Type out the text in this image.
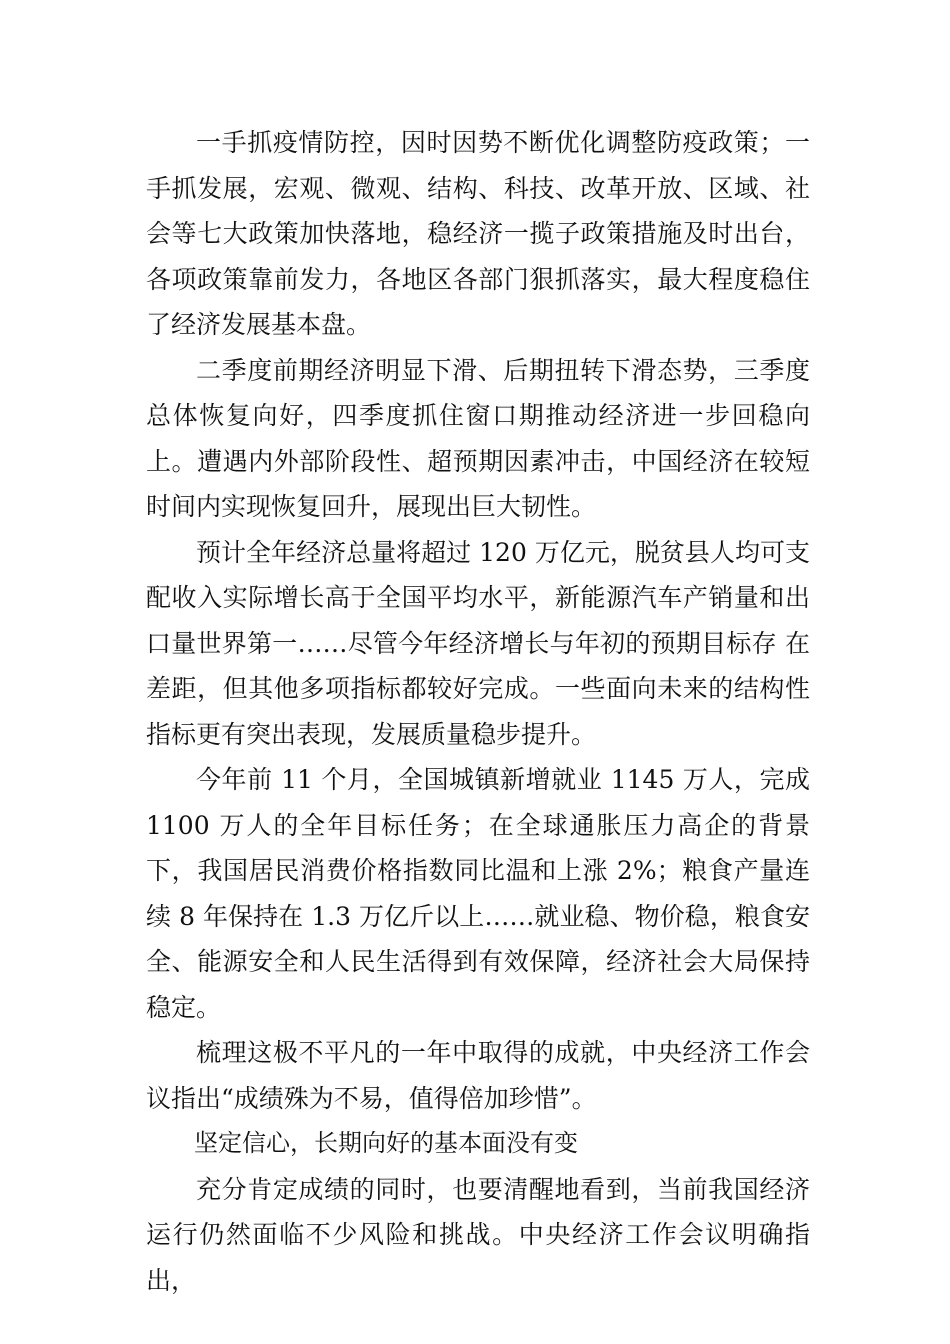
一手抓疫情防控，因时因势不断优化调整防疫政策；一手抓发展，宏观、微观、结构、科技、改革开放、区域、社会等七大政策加快落地，稳经济一揽子政策措施及时出台， 各项政策靠前发力，各地区各部门狠抓落实，最大程度稳住了经济发展基本盘。

二季度前期经济明显下滑、后期扭转下滑态势，三季度总体恢复向好，四季度抓住窗口期推动经济进一步回稳向上。遭遇内外部阶段性、超预期因素冲击，中国经济在较短时间内实现恢复回升，展现出巨大韧性。

预计全年经济总量将超过 120 万亿元，脱贫县人均可支配收入实际增长高于全国平均水平，新能源汽车产销量和出口量世界第一……尽管今年经济增长与年初的预期目标存 在差距，但其他多项指标都较好完成。一些面向未来的结构性指标更有突出表现，发展质量稳步提升。

今年前 11 个月，全国城镇新增就业 1145 万人，完成 1100 万人的全年目标任务；在全球通胀压力高企的背景下，我国居民消费价格指数同比温和上涨 2%；粮食产量连续 8 年保持在 1.3 万亿斤以上……就业稳、物价稳，粮食安全、能源安全和人民生活得到有效保障，经济社会大局保持稳定。

梳理这极不平凡的一年中取得的成就，中央经济工作会议指出“成绩殊为不易，值得倍加珍惜”。

坚定信心，长期向好的基本面没有变

充分肯定成绩的同时，也要清醒地看到，当前我国经济运行仍然面临不少风险和挑战。中央经济工作会议明确指出，
